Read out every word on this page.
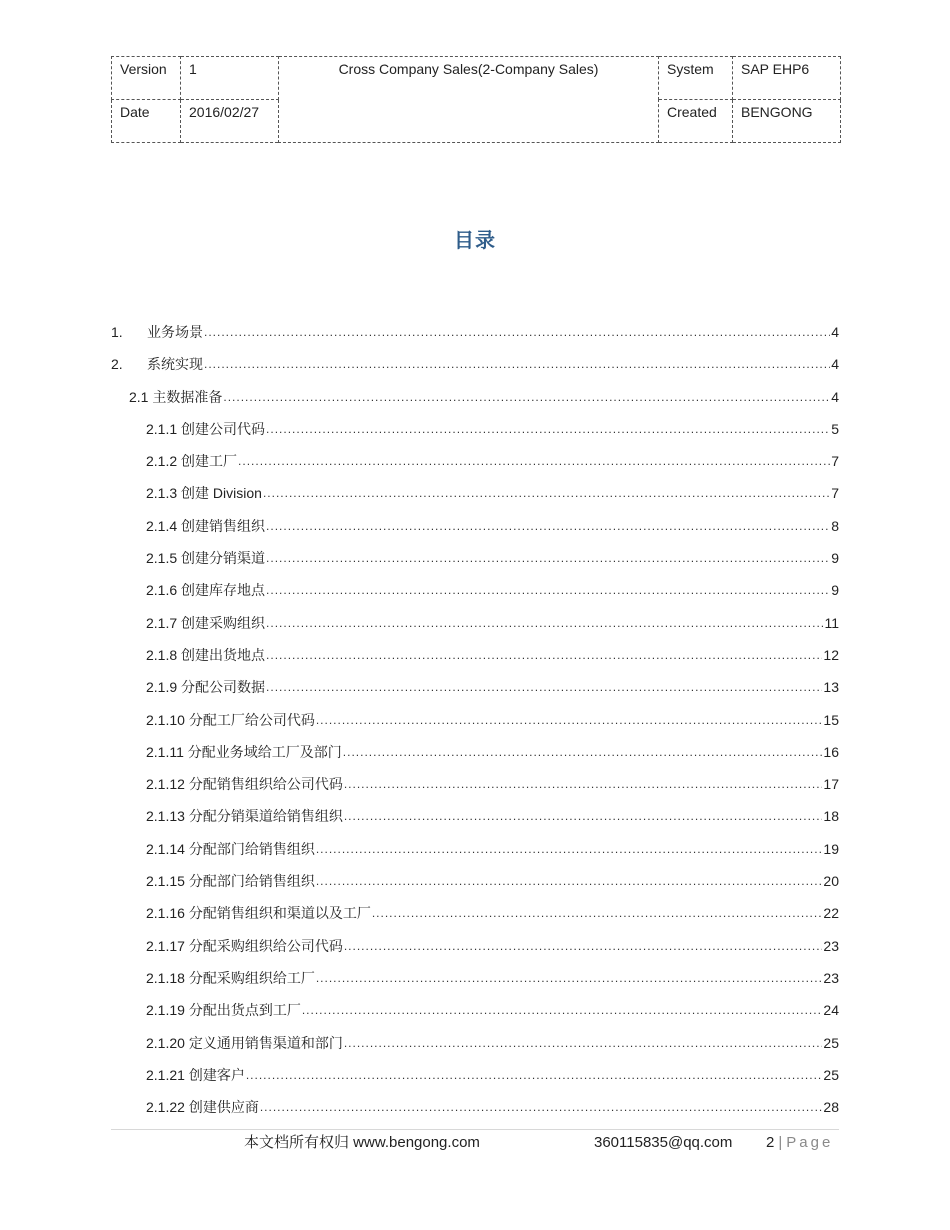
Version	1	Cross Company Sales(2-Company Sales)	System	SAP EHP6
Date	2016/02/27		Created	BENGONG
目录
1.	业务场景 .....	4
2.	系统实现 .....	4
2.1 主数据准备 .....	4
2.1.1 创建公司代码 .....	5
2.1.2 创建工厂 .....	7
2.1.3 创建 Division .....	7
2.1.4 创建销售组织 .....	8
2.1.5 创建分销渠道 .....	9
2.1.6 创建库存地点 .....	9
2.1.7 创建采购组织 .....	11
2.1.8 创建出货地点 .....	12
2.1.9 分配公司数据 .....	13
2.1.10 分配工厂给公司代码 .....	15
2.1.11 分配业务域给工厂及部门 .....	16
2.1.12 分配销售组织给公司代码 .....	17
2.1.13 分配分销渠道给销售组织 .....	18
2.1.14 分配部门给销售组织 .....	19
2.1.15 分配部门给销售组织 .....	20
2.1.16 分配销售组织和渠道以及工厂 .....	22
2.1.17 分配采购组织给公司代码 .....	23
2.1.18 分配采购组织给工厂 .....	23
2.1.19 分配出货点到工厂 .....	24
2.1.20 定义通用销售渠道和部门 .....	25
2.1.21 创建客户 .....	25
2.1.22 创建供应商 .....	28
本文档所有权归 www.bengong.com	360115835@qq.com 2 | Page
